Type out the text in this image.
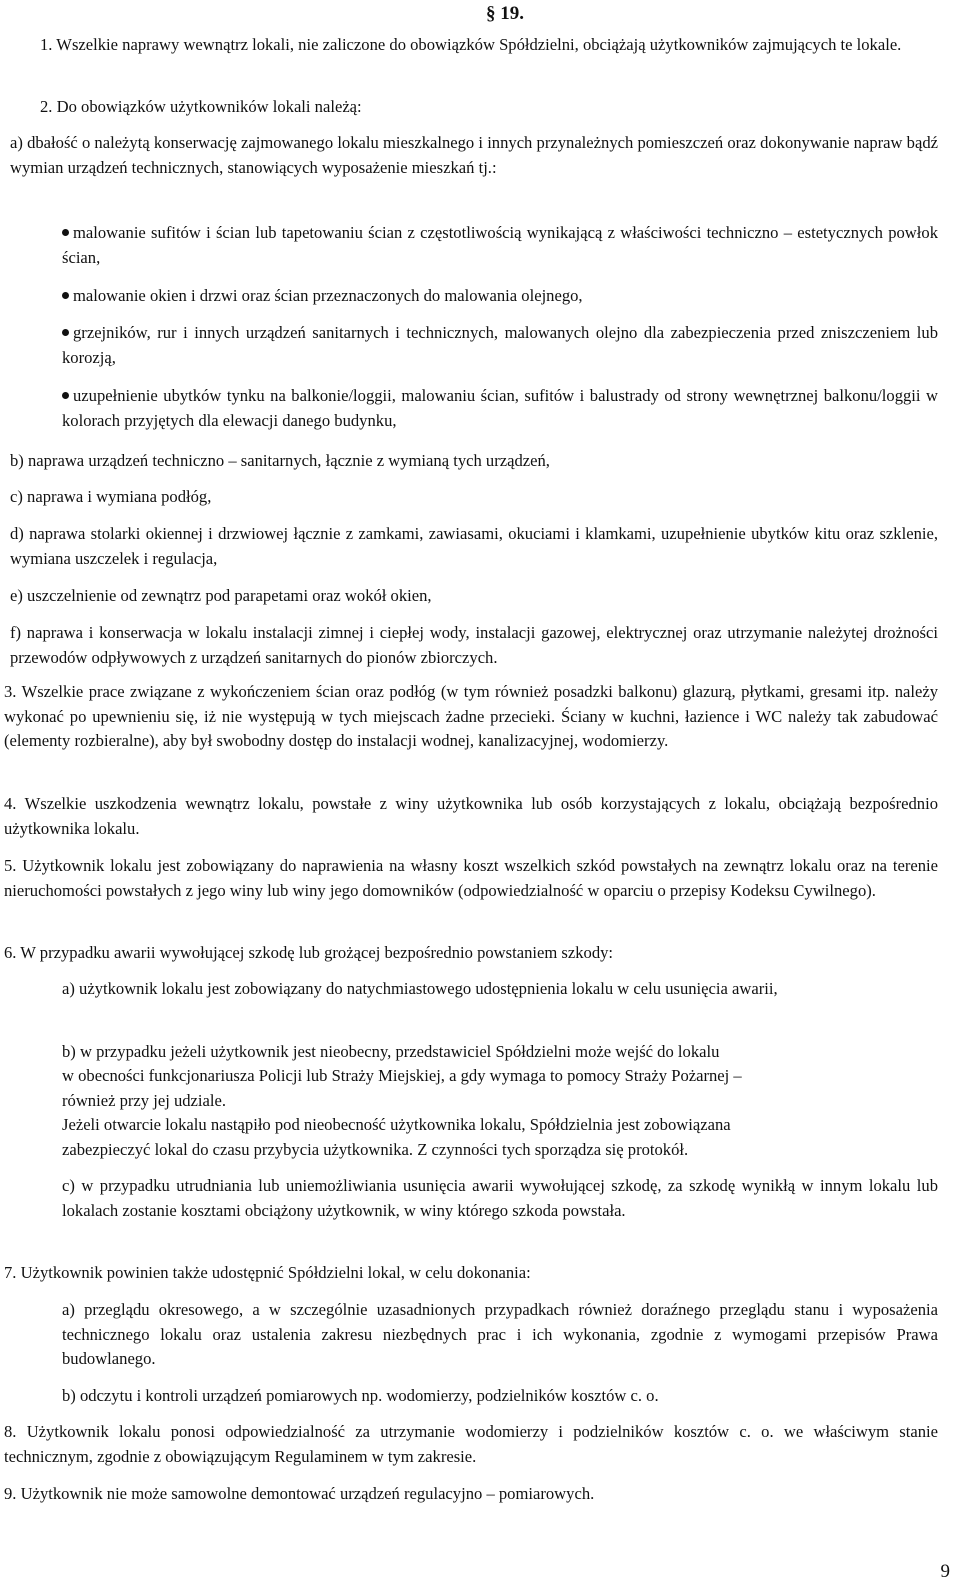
§ 19.

1. Wszelkie naprawy wewnątrz lokali, nie zaliczone do obowiązków Spółdzielni, obciążają użytkowników zajmujących te lokale.

2. Do obowiązków użytkowników lokali należą:

a) dbałość o należytą konserwację zajmowanego lokalu mieszkalnego i innych przynależnych pomieszczeń oraz dokonywanie napraw bądź wymian urządzeń technicznych, stanowiących wyposażenie mieszkań tj.:

malowanie sufitów i ścian lub tapetowaniu ścian z częstotliwością wynikającą z właściwości techniczno – estetycznych powłok ścian,

malowanie okien i drzwi oraz ścian przeznaczonych do malowania olejnego,

grzejników, rur i innych urządzeń sanitarnych i technicznych, malowanych olejno dla zabezpieczenia przed zniszczeniem lub korozją,

uzupełnienie ubytków tynku na balkonie/loggii, malowaniu ścian, sufitów i balustrady od strony wewnętrznej balkonu/loggii w kolorach przyjętych dla elewacji danego budynku,

b) naprawa urządzeń techniczno – sanitarnych, łącznie z wymianą tych urządzeń,

c) naprawa i wymiana podłóg,

d) naprawa stolarki okiennej i drzwiowej łącznie z zamkami, zawiasami, okuciami i klamkami, uzupełnienie ubytków kitu oraz szklenie, wymiana uszczelek i regulacja,

e) uszczelnienie od zewnątrz pod parapetami oraz wokół okien,

f) naprawa i konserwacja w lokalu instalacji zimnej i ciepłej wody, instalacji gazowej, elektrycznej oraz utrzymanie należytej drożności przewodów odpływowych z urządzeń sanitarnych do pionów zbiorczych.

3. Wszelkie prace związane z wykończeniem ścian oraz podłóg (w tym również posadzki balkonu) glazurą, płytkami, gresami itp. należy wykonać po upewnieniu się, iż nie występują w tych miejscach żadne przecieki. Ściany w kuchni, łazience i WC należy tak zabudować (elementy rozbieralne), aby był swobodny dostęp do instalacji wodnej, kanalizacyjnej, wodomierzy.

4. Wszelkie uszkodzenia wewnątrz lokalu, powstałe z winy użytkownika lub osób korzystających z lokalu, obciążają bezpośrednio użytkownika lokalu.

5. Użytkownik lokalu jest zobowiązany do naprawienia na własny koszt wszelkich szkód powstałych na zewnątrz lokalu oraz na terenie nieruchomości powstałych z jego winy lub winy jego domowników (odpowiedzialność w oparciu o przepisy Kodeksu Cywilnego).

6. W przypadku awarii wywołującej szkodę lub grożącej bezpośrednio powstaniem szkody:

a) użytkownik lokalu jest zobowiązany do natychmiastowego udostępnienia lokalu w celu usunięcia awarii,

b) w przypadku jeżeli użytkownik jest nieobecny, przedstawiciel Spółdzielni może wejść do lokalu

w obecności funkcjonariusza Policji lub Straży Miejskiej, a gdy wymaga to pomocy Straży Pożarnej –

również przy jej udziale.

Jeżeli otwarcie lokalu nastąpiło pod nieobecność użytkownika lokalu, Spółdzielnia jest zobowiązana

zabezpieczyć lokal do czasu przybycia użytkownika. Z czynności tych sporządza się protokół.

c) w przypadku utrudniania lub uniemożliwiania usunięcia awarii wywołującej szkodę, za szkodę wynikłą w innym lokalu lub lokalach zostanie kosztami obciążony użytkownik, w winy którego szkoda powstała.

7. Użytkownik powinien także udostępnić Spółdzielni lokal, w celu dokonania:

a) przeglądu okresowego, a w szczególnie uzasadnionych przypadkach również doraźnego przeglądu stanu i wyposażenia technicznego lokalu oraz ustalenia zakresu niezbędnych prac i ich wykonania, zgodnie z wymogami przepisów Prawa budowlanego.

b) odczytu i kontroli urządzeń pomiarowych np. wodomierzy, podzielników kosztów c. o.

8. Użytkownik lokalu ponosi odpowiedzialność za utrzymanie wodomierzy i podzielników kosztów c. o. we właściwym stanie technicznym, zgodnie z obowiązującym Regulaminem w tym zakresie.

9. Użytkownik nie może samowolne demontować urządzeń regulacyjno – pomiarowych.

9
